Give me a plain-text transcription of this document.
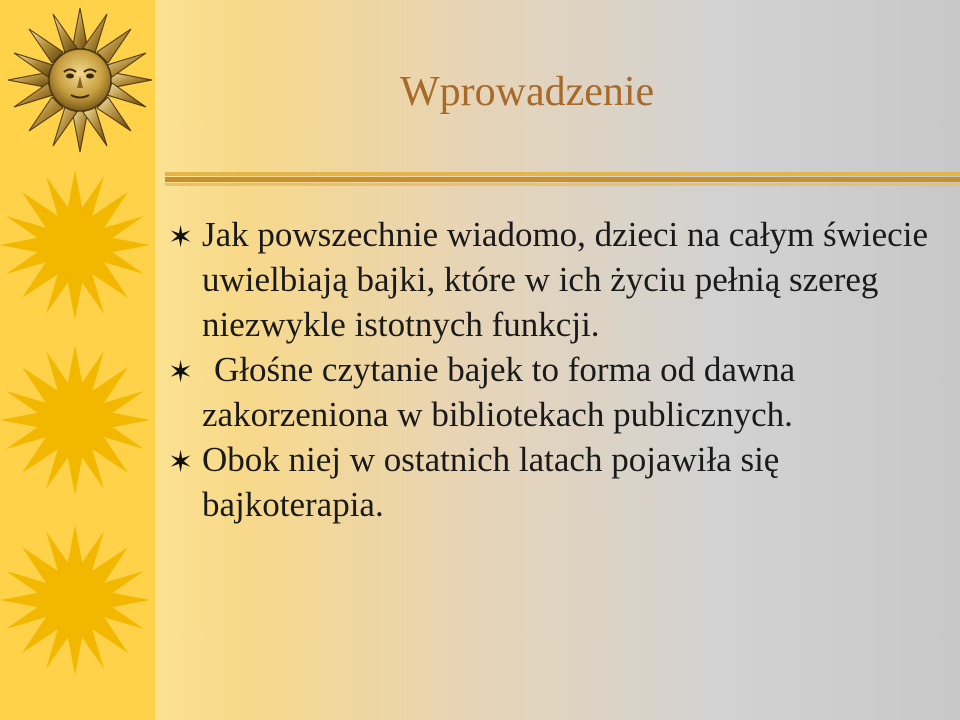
Wprowadzenie
✶ Jak powszechnie wiadomo, dzieci na całym świecie uwielbiają bajki, które w ich życiu pełnią szereg niezwykle istotnych funkcji.
✶ Głośne czytanie bajek to forma od dawna zakorzeniona w bibliotekach publicznych.
✶ Obok niej w ostatnich latach pojawiła się bajkoterapia.
